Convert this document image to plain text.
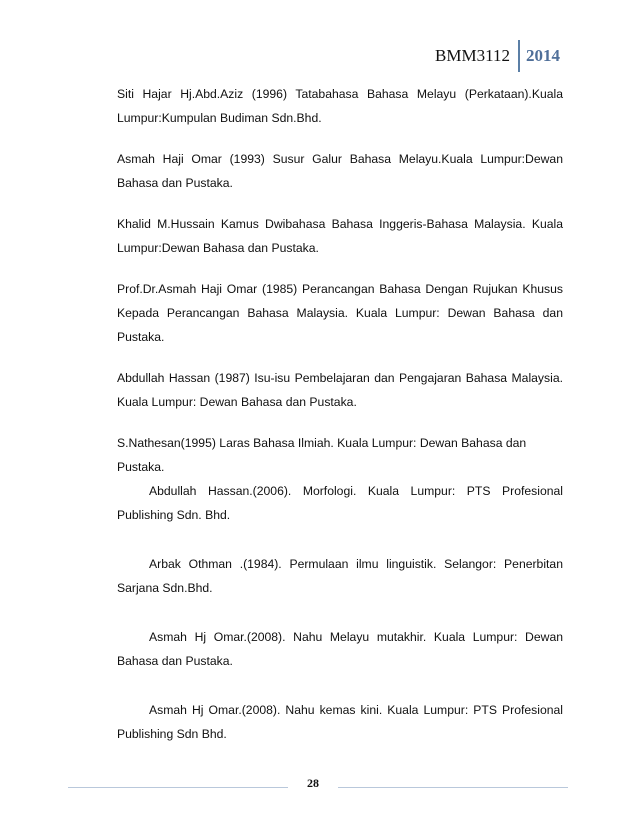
BMM3112 2014

Siti Hajar Hj.Abd.Aziz (1996) Tatabahasa Bahasa Melayu (Perkataan).Kuala Lumpur:Kumpulan Budiman Sdn.Bhd.

Asmah Haji Omar (1993) Susur Galur Bahasa Melayu.Kuala Lumpur:Dewan Bahasa dan Pustaka.

Khalid M.Hussain Kamus Dwibahasa Bahasa Inggeris-Bahasa Malaysia. Kuala Lumpur:Dewan Bahasa dan Pustaka.

Prof.Dr.Asmah Haji Omar (1985) Perancangan Bahasa Dengan Rujukan Khusus Kepada Perancangan Bahasa Malaysia. Kuala Lumpur: Dewan Bahasa dan Pustaka.

Abdullah Hassan (1987) Isu-isu Pembelajaran dan Pengajaran Bahasa Malaysia. Kuala Lumpur: Dewan Bahasa dan Pustaka.

S.Nathesan(1995) Laras Bahasa Ilmiah. Kuala Lumpur: Dewan Bahasa dan Pustaka.

Abdullah Hassan.(2006). Morfologi. Kuala Lumpur: PTS Profesional Publishing Sdn. Bhd.

Arbak Othman .(1984). Permulaan ilmu linguistik. Selangor: Penerbitan Sarjana Sdn.Bhd.

Asmah Hj Omar.(2008). Nahu Melayu mutakhir. Kuala Lumpur: Dewan Bahasa dan Pustaka.

Asmah Hj Omar.(2008). Nahu kemas kini. Kuala Lumpur: PTS Profesional Publishing Sdn Bhd.

28
